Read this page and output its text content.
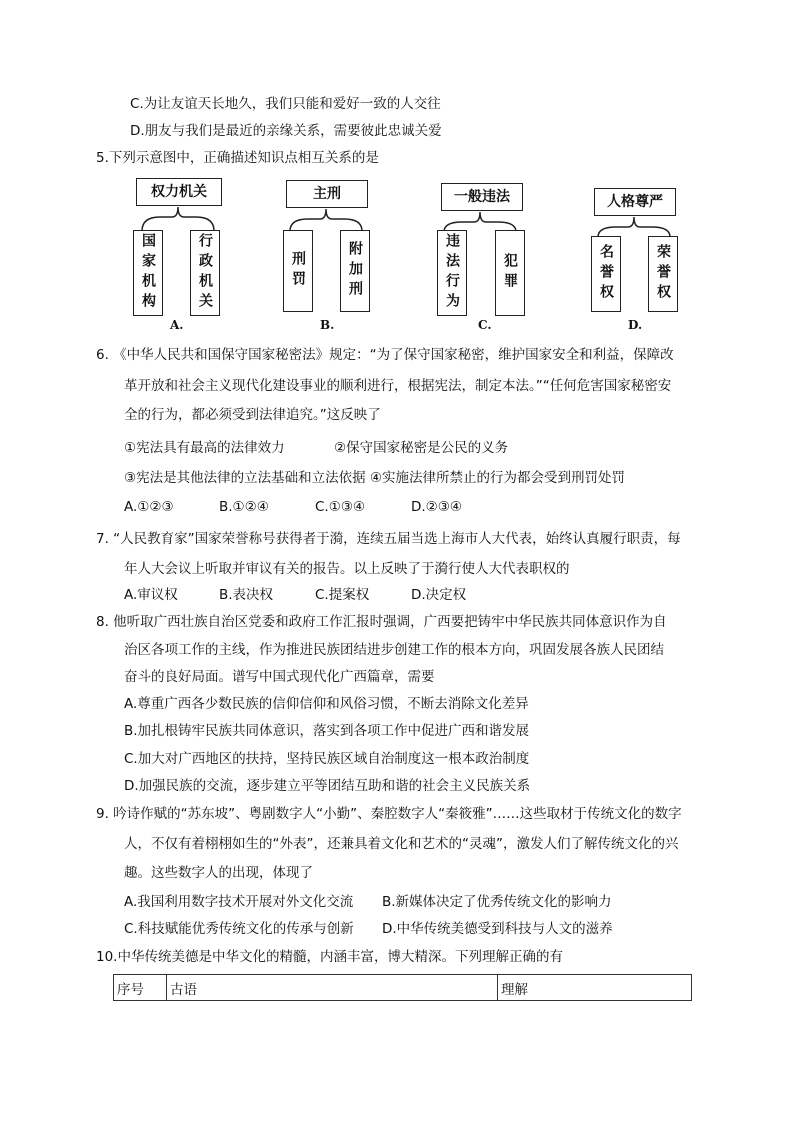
C.为让友谊天长地久，我们只能和爱好一致的人交往
D.朋友与我们是最近的亲缘关系，需要彼此忠诚关爱
5.下列示意图中，正确描述知识点相互关系的是
权力机关
国家机构	行政机关
A.
主刑
刑罚	附加刑
B.
一般违法
违法行为	犯罪
C.
人格尊严
名誉权	荣誉权
D.
6. 《中华人民共和国保守国家秘密法》规定：“为了保守国家秘密，维护国家安全和利益，保障改
革开放和社会主义现代化建设事业的顺利进行，根据宪法，制定本法。”“任何危害国家秘密安
全的行为，都必须受到法律追究。”这反映了
①宪法具有最高的法律效力	②保守国家秘密是公民的义务
③宪法是其他法律的立法基础和立法依据 ④实施法律所禁止的行为都会受到刑罚处罚
A.①②③	B.①②④	C.①③④	D.②③④
7. “人民教育家”国家荣誉称号获得者于漪，连续五届当选上海市人大代表，始终认真履行职责，每
年人大会议上听取并审议有关的报告。以上反映了于漪行使人大代表职权的
A.审议权	B.表决权	C.提案权	D.决定权
8. 他听取广西壮族自治区党委和政府工作汇报时强调，广西要把铸牢中华民族共同体意识作为自
治区各项工作的主线，作为推进民族团结进步创建工作的根本方向，巩固发展各族人民团结
奋斗的良好局面。谱写中国式现代化广西篇章，需要
A.尊重广西各少数民族的信仰信仰和风俗习惯，不断去消除文化差异
B.加扎根铸牢民族共同体意识，落实到各项工作中促进广西和谐发展
C.加大对广西地区的扶持，坚持民族区域自治制度这一根本政治制度
D.加强民族的交流，逐步建立平等团结互助和谐的社会主义民族关系
9. 吟诗作赋的“苏东坡”、粤剧数字人“小勤”、秦腔数字人“秦筱雅”……这些取材于传统文化的数字
人，不仅有着栩栩如生的“外表”，还兼具着文化和艺术的“灵魂”，激发人们了解传统文化的兴
趣。这些数字人的出现，体现了
A.我国利用数字技术开展对外文化交流 B.新媒体决定了优秀传统文化的影响力
C.科技赋能优秀传统文化的传承与创新 D.中华传统美德受到科技与人文的滋养
10.中华传统美德是中华文化的精髓，内涵丰富，博大精深。下列理解正确的有
序号	古语	理解
